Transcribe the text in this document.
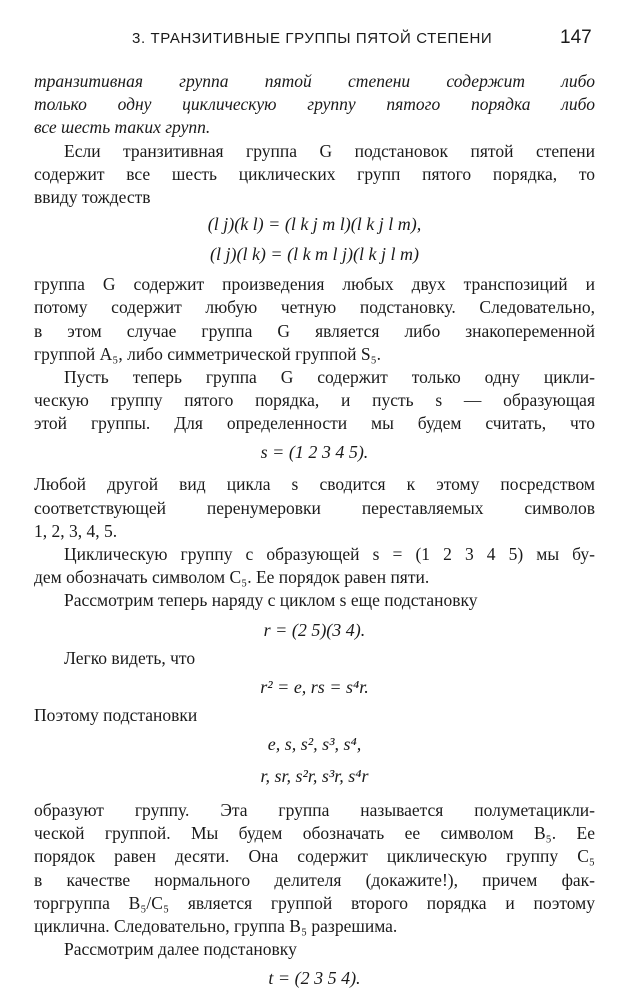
3. ТРАНЗИТИВНЫЕ ГРУППЫ ПЯТОЙ СТЕПЕНИ	147
транзитивная группа пятой степени содержит либо
только одну циклическую группу пятого порядка либо
все шесть таких групп.
Если транзитивная группа G подстановок пятой степени
содержит все шесть циклических групп пятого порядка, то
ввиду тождеств
(l j)(k l) = (l k j m l)(l k j l m),
(l j)(l k) = (l k m l j)(l k j l m)
группа G содержит произведения любых двух транспозиций и
потому содержит любую четную подстановку. Следовательно,
в этом случае группа G является либо знакопеременной
группой A₅, либо симметрической группой S₅.
Пусть теперь группа G содержит только одну цикли-
ческую группу пятого порядка, и пусть s — образующая
этой группы. Для определенности мы будем считать, что
s = (1 2 3 4 5).
Любой другой вид цикла s сводится к этому посредством
соответствующей перенумеровки переставляемых символов
1, 2, 3, 4, 5.
Циклическую группу с образующей s = (1 2 3 4 5) мы бу-
дем обозначать символом C₅. Ее порядок равен пяти.
Рассмотрим теперь наряду с циклом s еще подстановку
r = (2 5)(3 4).
Легко видеть, что
r² = e, rs = s⁴r.
Поэтому подстановки
e, s, s², s³, s⁴,
r, sr, s²r, s³r, s⁴r
образуют группу. Эта группа называется полуметацикли-
ческой группой. Мы будем обозначать ее символом B₅. Ее
порядок равен десяти. Она содержит циклическую группу C₅
в качестве нормального делителя (докажите!), причем фак-
торгруппа B₅/C₅ является группой второго порядка и поэтому
циклична. Следовательно, группа B₅ разрешима.
Рассмотрим далее подстановку
t = (2 3 5 4).
